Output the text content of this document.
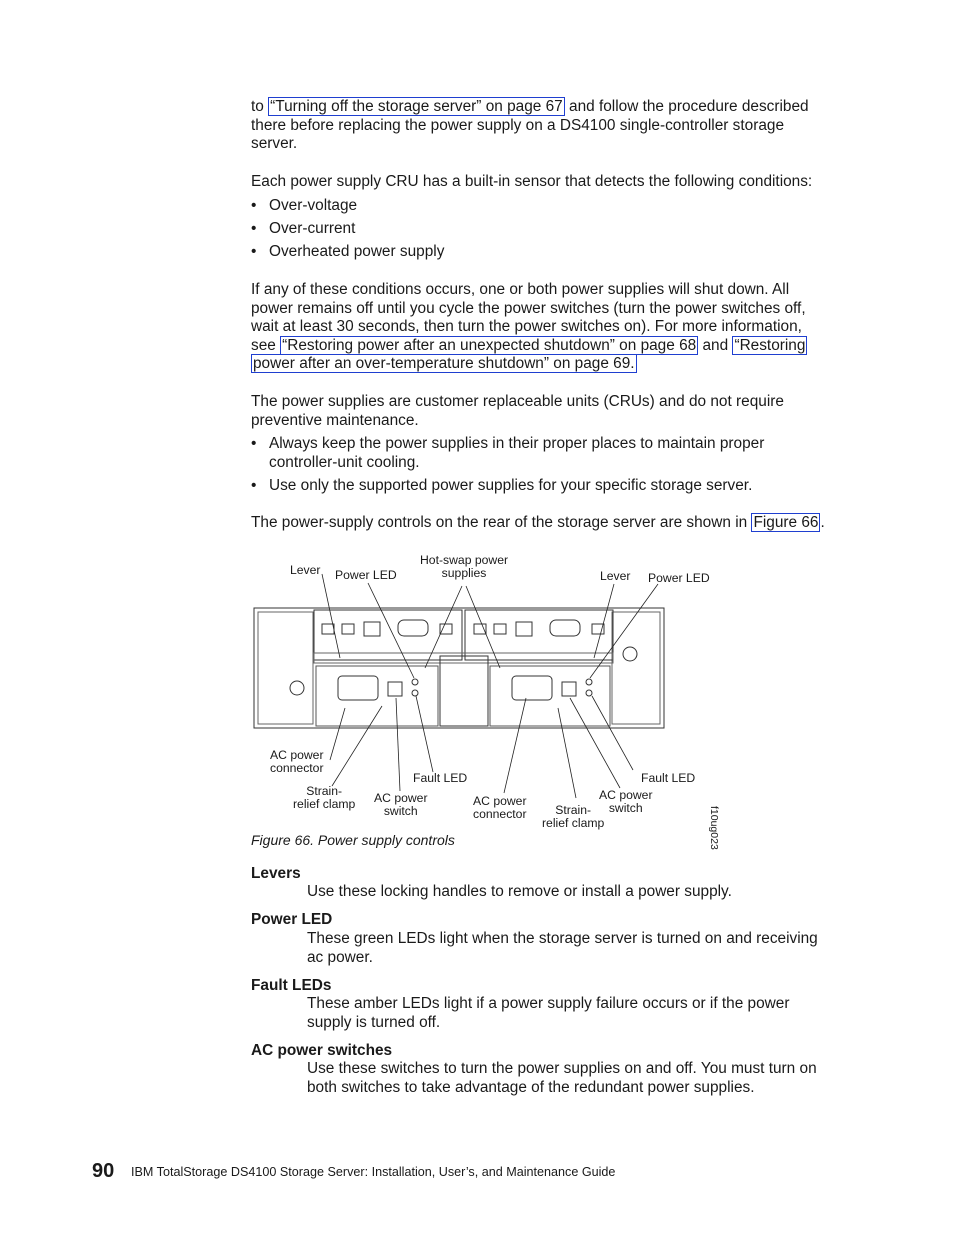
to “Turning off the storage server” on page 67 and follow the procedure described
there before replacing the power supply on a DS4100 single-controller storage
server.
Each power supply CRU has a built-in sensor that detects the following conditions:
• Over-voltage
• Over-current
• Overheated power supply
If any of these conditions occurs, one or both power supplies will shut down. All
power remains off until you cycle the power switches (turn the power switches off,
wait at least 30 seconds, then turn the power switches on). For more information,
see “Restoring power after an unexpected shutdown” on page 68 and “Restoring
power after an over-temperature shutdown” on page 69.
The power supplies are customer replaceable units (CRUs) and do not require
preventive maintenance.
• Always keep the power supplies in their proper places to maintain proper
controller-unit cooling.
• Use only the supported power supplies for your specific storage server.
The power-supply controls on the rear of the storage server are shown in Figure 66 .
Lever Power LED
Hot-swap power
supplies	Lever Power LED
AC power
connector
Fault LED
Strain-
relief clamp AC power
switch
AC power
connector	Strain-
relief clamp
AC power
switch
Fault LED
f10ug023
Figure 66. Power supply controls
Levers
Use these locking handles to remove or install a power supply.
Power LED
These green LEDs light when the storage server is turned on and receiving
ac power.
Fault LEDs
These amber LEDs light if a power supply failure occurs or if the power
supply is turned off.
AC power switches
Use these switches to turn the power supplies on and off. You must turn on
both switches to take advantage of the redundant power supplies.
90 IBM TotalStorage DS4100 Storage Server: Installation, User’s, and Maintenance Guide
